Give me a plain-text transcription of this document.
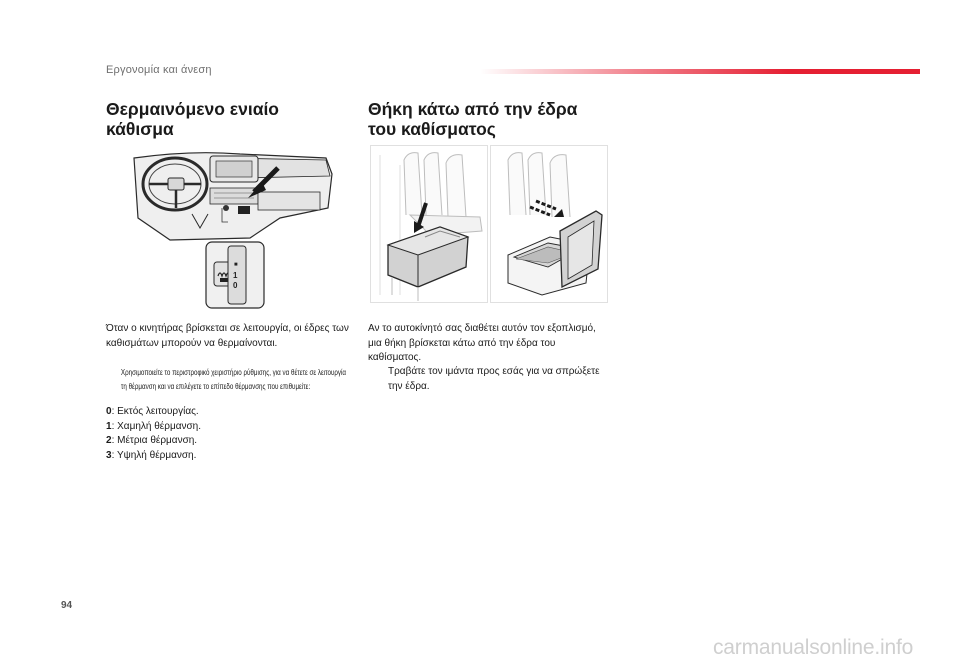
Εργονομία και άνεση
Θερμαινόμενο ενιαίο
κάθισμα
■
1
0
Όταν ο κινητήρας βρίσκεται σε λειτουργία, οι έδρες των καθισμάτων μπορούν να θερμαίνονται.
Χρησιμοποιείτε το περιστροφικό χειριστήριο ρύθμισης, για να θέτετε σε λειτουργία τη θέρμανση και να επιλέγετε το επίπεδο θέρμανσης που επιθυμείτε:
0: Εκτός λειτουργίας.
1: Χαμηλή θέρμανση.
2: Μέτρια θέρμανση.
3: Υψηλή θέρμανση.
Θήκη κάτω από την έδρα
του καθίσματος
Αν το αυτοκίνητό σας διαθέτει αυτόν τον εξοπλισμό, μια θήκη βρίσκεται κάτω από την έδρα του καθίσματος.
Τραβάτε τον ιμάντα προς εσάς για να σπρώξετε την έδρα.
94
carmanualsonline.info
